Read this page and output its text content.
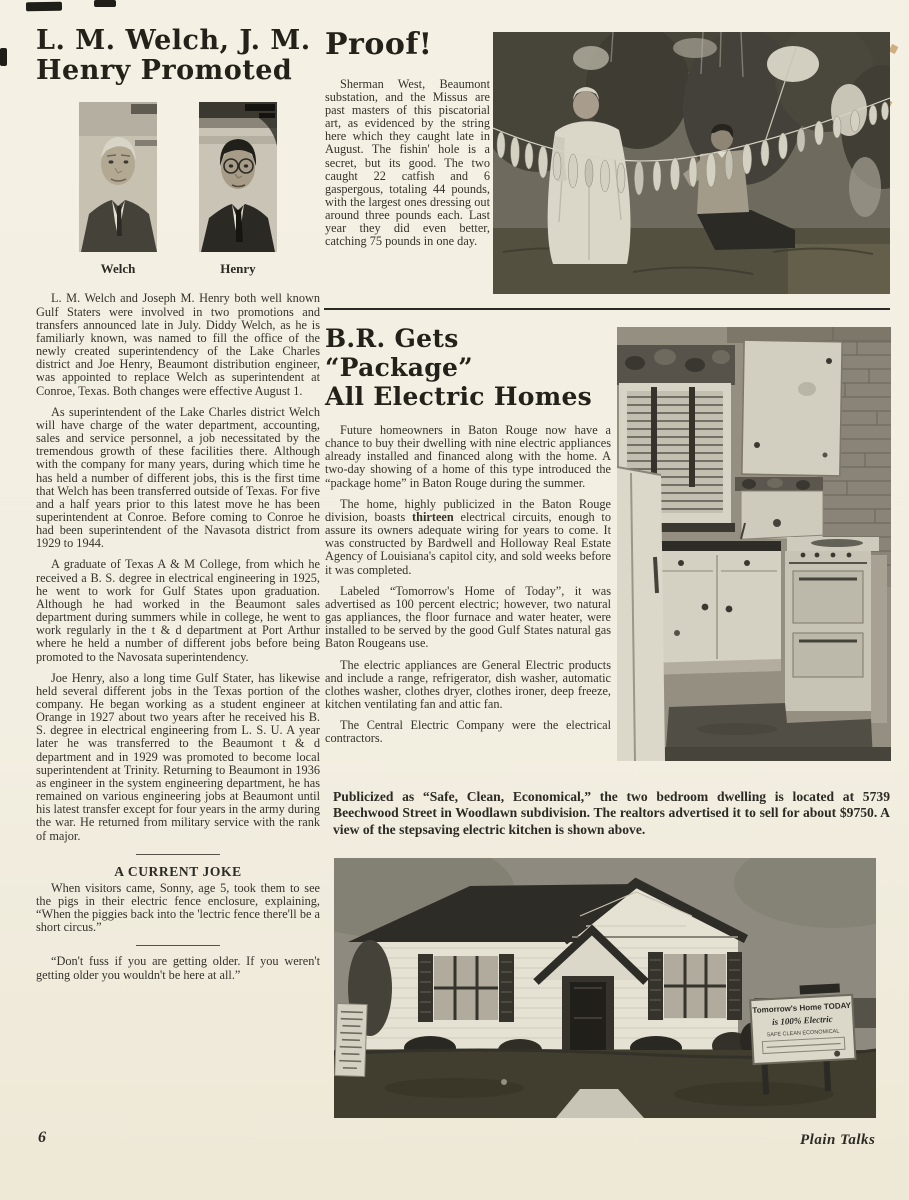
L. M. Welch, J. M.
Henry Promoted
Welch	Henry

L. M. Welch and Joseph M. Henry both well known Gulf Staters were involved in two promotions and transfers announced late in July. Diddy Welch, as he is familiarly known, was named to fill the office of the newly created superintendency of the Lake Charles district and Joe Henry, Beaumont distribution engineer, was appointed to replace Welch as superintendent at Conroe, Texas. Both changes were effective August 1.

As superintendent of the Lake Charles district Welch will have charge of the water department, accounting, sales and service personnel, a job necessitated by the tremendous growth of these facilities there. Although with the company for many years, during which time he has held a number of different jobs, this is the first time that Welch has been transferred outside of Texas. For five and a half years prior to this latest move he has been superintendent at Conroe. Before coming to Conroe he had been superintendent of the Navasota district from 1929 to 1944.

A graduate of Texas A & M College, from which he received a B. S. degree in electrical engineering in 1925, he went to work for Gulf States upon graduation. Although he had worked in the Beaumont sales department during summers while in college, he went to work regularly in the t & d department at Port Arthur where he held a number of different jobs before being promoted to the Navosata superintendency.

Joe Henry, also a long time Gulf Stater, has likewise held several different jobs in the Texas portion of the company. He began working as a student engineer at Orange in 1927 about two years after he received his B. S. degree in electrical engineering from L. S. U. A year later he was transferred to the Beaumont t & d department and in 1929 was promoted to become local superintendent at Trinity. Returning to Beaumont in 1936 as engineer in the system engineering department, he has remained on various engineering jobs at Beaumont until his latest transfer except for four years in the army during the war. He returned from military service with the rank of major.

A CURRENT JOKE

When visitors came, Sonny, age 5, took them to see the pigs in their electric fence enclosure, explaining, “When the piggies back into the 'lectric fence there'll be a short circus.”

“Don't fuss if you are getting older. If you weren't getting older you wouldn't be here at all.”

Proof!

Sherman West, Beaumont substation, and the Missus are past masters of this piscatorial art, as evidenced by the string here which they caught late in August. The fishin' hole is a secret, but its good. The two caught 22 catfish and 6 gaspergous, totaling 44 pounds, with the largest ones dressing out around three pounds each. Last year they did even better, catching 75 pounds in one day.

B.R. Gets “Package”
All Electric Homes

Future homeowners in Baton Rouge now have a chance to buy their dwelling with nine electric appliances already installed and financed along with the home. A two-day showing of a home of this type introduced the “package home” in Baton Rouge during the summer.

The home, highly publicized in the Baton Rouge division, boasts thirteen electrical circuits, enough to assure its owners adequate wiring for years to come. It was constructed by Bardwell and Holloway Real Estate Agency of Louisiana's capitol city, and sold weeks before it was completed.

Labeled “Tomorrow's Home of Today”, it was advertised as 100 percent electric; however, two natural gas appliances, the floor furnace and water heater, were installed to be served by the good Gulf States natural gas Baton Rougeans use.

The electric appliances are General Electric products and include a range, refrigerator, dish washer, automatic clothes washer, clothes dryer, clothes ironer, deep freeze, kitchen ventilating fan and attic fan.

The Central Electric Company were the electrical contractors.

Publicized as “Safe, Clean, Economical,” the two bedroom dwelling is located at 5739 Beechwood Street in Woodlawn subdivision. The realtors advertised it to sell for about $9750. A view of the stepsaving electric kitchen is shown above.

Tomorrow's Home TODAY
is 100% Electric
SAFE CLEAN ECONOMICAL
6	Plain Talks
